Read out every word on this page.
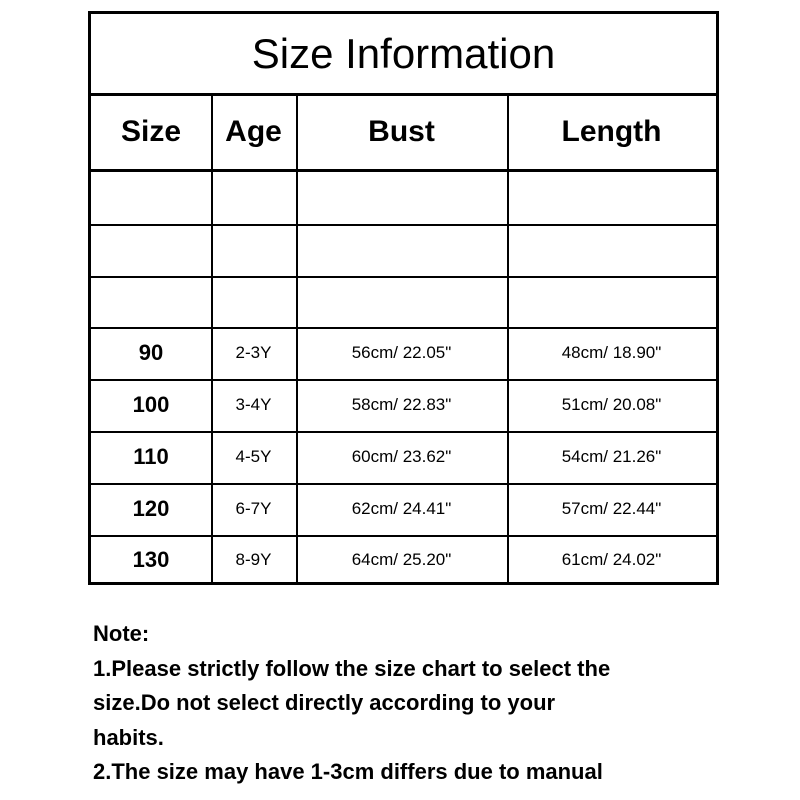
Size Information
Size	Age	Bust	Length
90	2-3Y	56cm/ 22.05"	48cm/ 18.90"
100	3-4Y	58cm/ 22.83"	51cm/ 20.08"
110	4-5Y	60cm/ 23.62"	54cm/ 21.26"
120	6-7Y	62cm/ 24.41"	57cm/ 22.44"
130	8-9Y	64cm/ 25.20"	61cm/ 24.02"
Note:
1.Please strictly follow the size chart to select the
size.Do not select directly according to your
habits.
2.The size may have 1-3cm differs due to manual
